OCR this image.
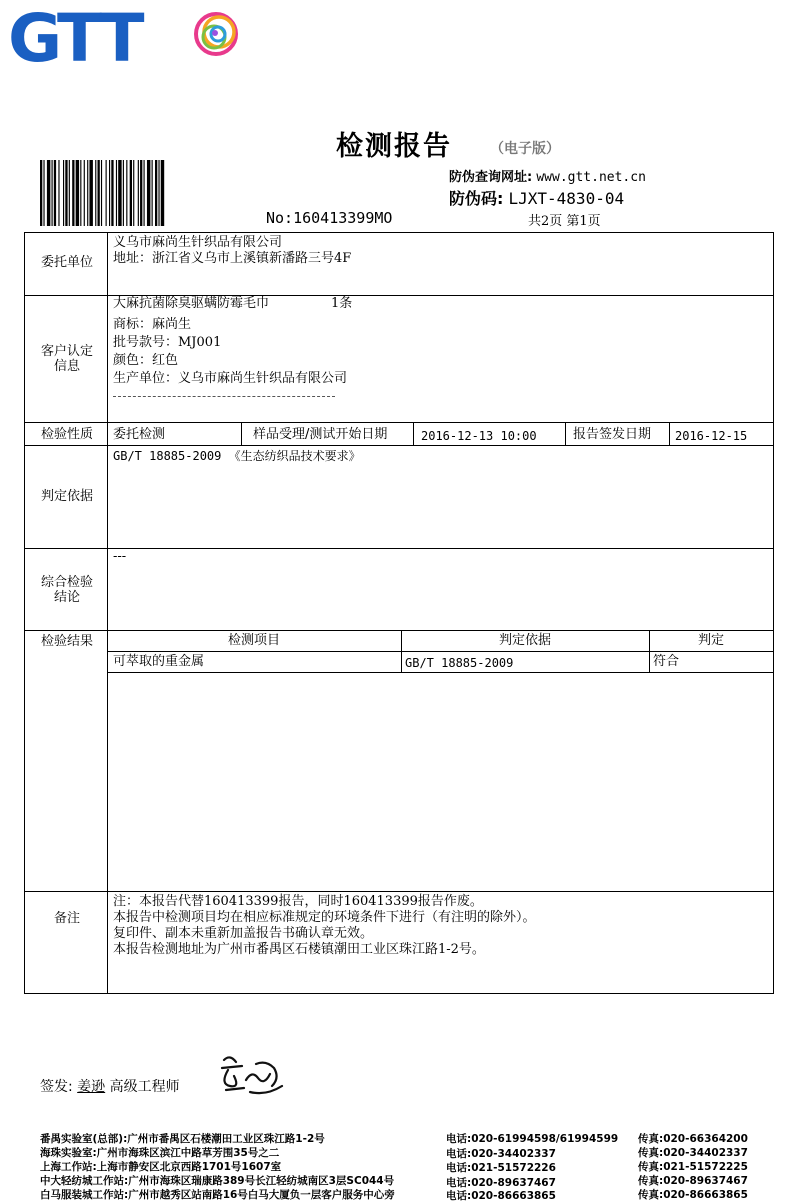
GTT
检测报告	（电子版）
No:160413399MO
防伪查询网址: www.gtt.net.cn
防伪码: LJXT-4830-04
共2页 第1页
委托单位
义乌市麻尚生针织品有限公司
地址：浙江省义乌市上溪镇新潘路三号4F
客户认定
信息
大麻抗菌除臭驱螨防霉毛巾	1条
商标：麻尚生
批号款号：MJ001
颜色：红色
生产单位：义乌市麻尚生针织品有限公司
检验性质	委托检测	样品受理/测试开始日期	2016-12-13 10:00	报告签发日期 2016-12-15
判定依据
GB/T 18885-2009 《生态纺织品技术要求》
综合检验
结论
---
检验结果	检测项目	判定依据	判定
可萃取的重金属	GB/T 18885-2009	符合
备注
注：本报告代替160413399报告，同时160413399报告作废。
本报告中检测项目均在相应标准规定的环境条件下进行（有注明的除外）。
复印件、副本未重新加盖报告书确认章无效。
本报告检测地址为广州市番禺区石楼镇潮田工业区珠江路1-2号。
签发: 姜逊 高级工程师
番禺实验室(总部):广州市番禺区石楼潮田工业区珠江路1-2号	电话:020-61994598/61994599 传真:020-66364200
海珠实验室:广州市海珠区滨江中路草芳围35号之二	电话:020-34402337	传真:020-34402337
上海工作站:上海市静安区北京西路1701号1607室	电话:021-51572226	传真:021-51572225
中大轻纺城工作站:广州市海珠区瑞康路389号长江轻纺城南区3层SC044号	电话:020-89637467	传真:020-89637467
白马服装城工作站:广州市越秀区站南路16号白马大厦负一层客户服务中心旁	电话:020-86663865	传真:020-86663865
